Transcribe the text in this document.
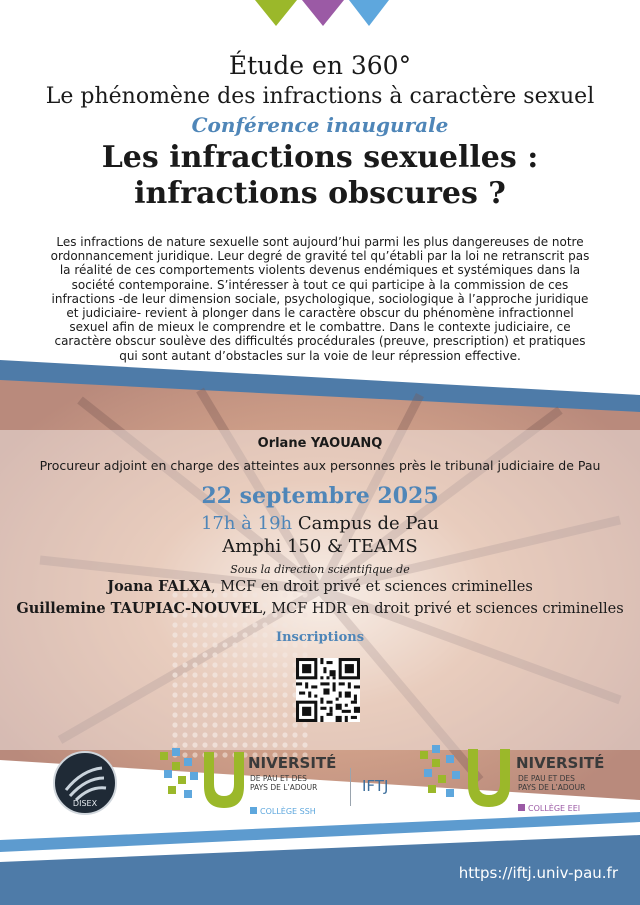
Étude en 360°
Le phénomène des infractions à caractère sexuel
Conférence inaugurale
Les infractions sexuelles :
infractions obscures ?
Les infractions de nature sexuelle sont aujourd’hui parmi les plus dangereuses de notre ordonnancement juridique. Leur degré de gravité tel qu’établi par la loi ne retranscrit pas la réalité de ces comportements violents devenus endémiques et systémiques dans la société contemporaine. S’intéresser à tout ce qui participe à la commission de ces infractions -de leur dimension sociale, psychologique, sociologique à l’approche juridique et judiciaire- revient à plonger dans le caractère obscur du phénomène infractionnel sexuel afin de mieux le comprendre et le combattre. Dans le contexte judiciaire, ce caractère obscur soulève des difficultés procédurales (preuve, prescription) et pratiques qui sont autant d’obstacles sur la voie de leur répression effective.
Orlane YAOUANQ
Procureur adjoint en charge des atteintes aux personnes près le tribunal judiciaire de Pau
22 septembre 2025
17h à 19h Campus de Pau
Amphi 150 & TEAMS
Sous la direction scientifique de
Joana FALXA, MCF en droit privé et sciences criminelles
Guillemine TAUPIAC-NOUVEL, MCF HDR en droit privé et sciences criminelles
Inscriptions
DISEX
NIVERSITÉ
DE PAU ET DES
PAYS DE L’ADOUR
COLLÈGE SSH
IFTJ
NIVERSITÉ
DE PAU ET DES
PAYS DE L’ADOUR
COLLÈGE EEI
https://iftj.univ-pau.fr
